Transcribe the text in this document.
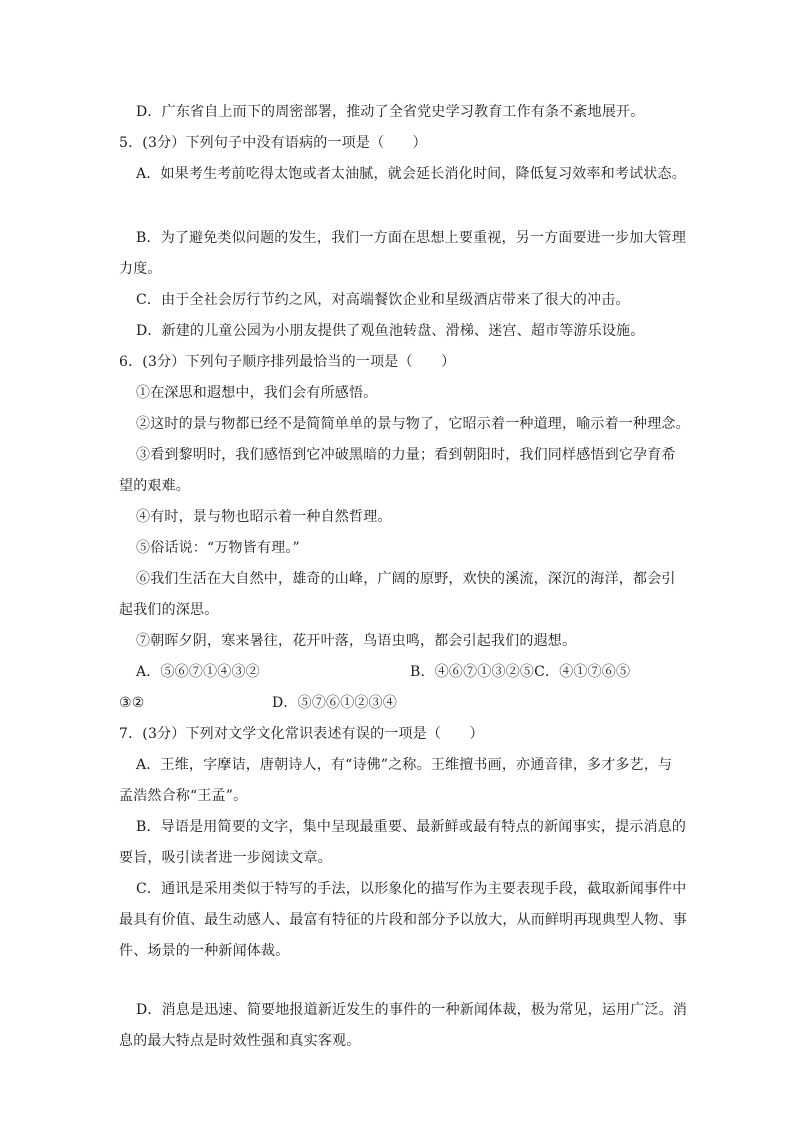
D．广东省自上而下的周密部署，推动了全省党史学习教育工作有条不紊地展开。
5．(3分）下列句子中没有语病的一项是（　　）
A．如果考生考前吃得太饱或者太油腻，就会延长消化时间，降低复习效率和考试状态。
B．为了避免类似问题的发生，我们一方面在思想上要重视，另一方面要进一步加大管理
力度。
C．由于全社会厉行节约之风，对高端餐饮企业和星级酒店带来了很大的冲击。
D．新建的儿童公园为小朋友提供了观鱼池转盘、滑梯、迷宫、超市等游乐设施。
6．(3分）下列句子顺序排列最恰当的一项是（　　）
①在深思和遐想中，我们会有所感悟。
②这时的景与物都已经不是简简单单的景与物了，它昭示着一种道理，喻示着一种理念。
③看到黎明时，我们感悟到它冲破黑暗的力量；看到朝阳时，我们同样感悟到它孕育希
望的艰难。
④有时，景与物也昭示着一种自然哲理。
⑤俗话说：“万物皆有理。”
⑥我们生活在大自然中，雄奇的山峰，广阔的原野，欢快的溪流，深沉的海洋，都会引
起我们的深思。
⑦朝晖夕阴，寒来暑往，花开叶落，鸟语虫鸣，都会引起我们的遐想。
A．⑤⑥⑦①④③②	B．④⑥⑦①③②⑤C．④①⑦⑥⑤
③②	D．⑤⑦⑥①②③④
7．(3分）下列对文学文化常识表述有误的一项是（　　）
A．王维，字摩诘，唐朝诗人，有“诗佛”之称。王维擅书画，亦通音律，多才多艺，与
孟浩然合称“王孟”。
B．导语是用简要的文字，集中呈现最重要、最新鲜或最有特点的新闻事实，提示消息的
要旨，吸引读者进一步阅读文章。
C．通讯是采用类似于特写的手法，以形象化的描写作为主要表现手段，截取新闻事件中
最具有价值、最生动感人、最富有特征的片段和部分予以放大，从而鲜明再现典型人物、事
件、场景的一种新闻体裁。
D．消息是迅速、简要地报道新近发生的事件的一种新闻体裁，极为常见，运用广泛。消
息的最大特点是时效性强和真实客观。
